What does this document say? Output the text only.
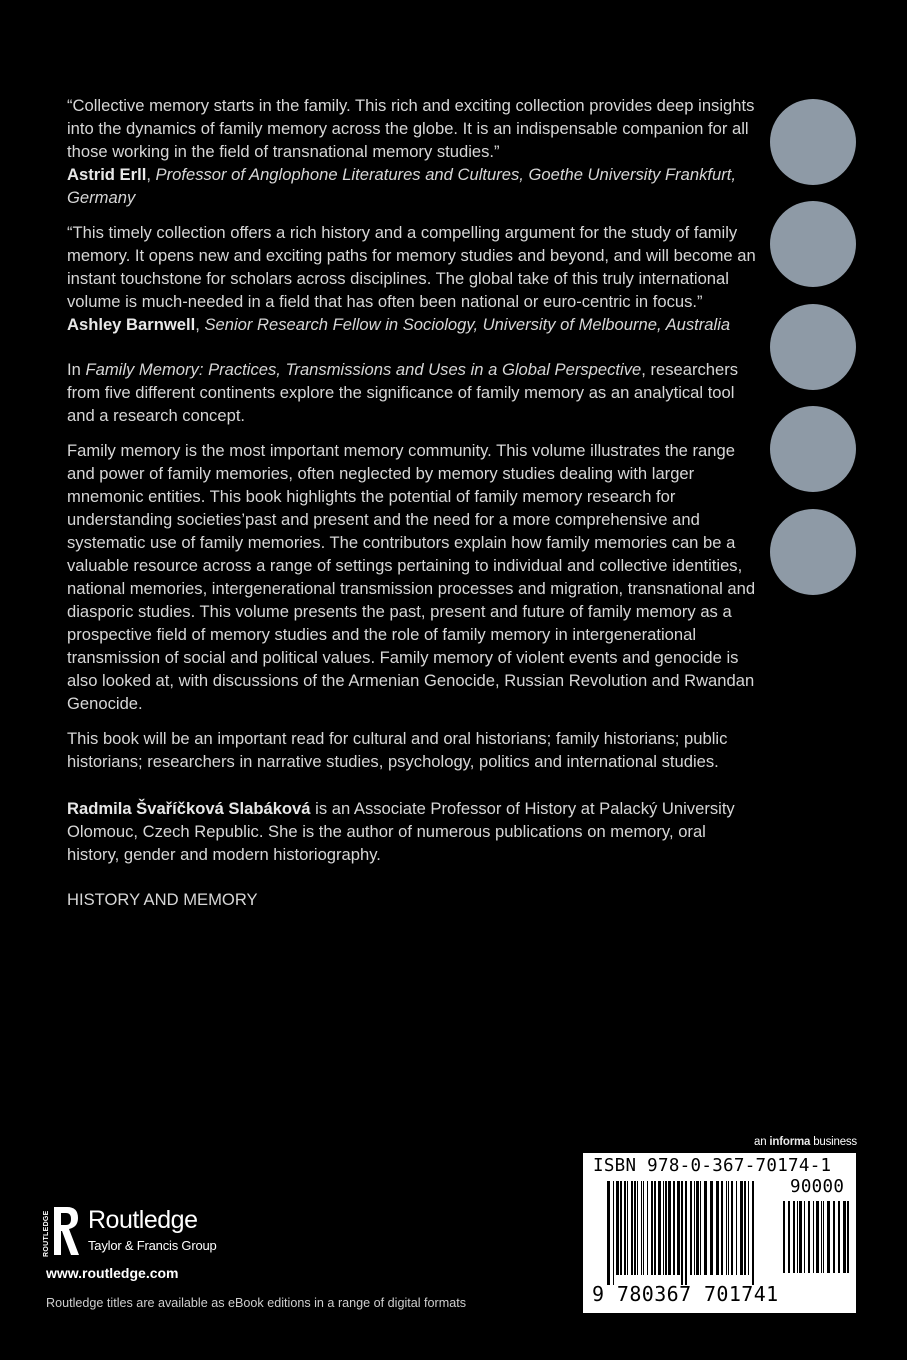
“Collective memory starts in the family. This rich and exciting collection provides deep insights into the dynamics of family memory across the globe. It is an indispensable companion for all those working in the field of transnational memory studies.”

Astrid Erll, Professor of Anglophone Literatures and Cultures, Goethe University Frankfurt, Germany

“This timely collection offers a rich history and a compelling argument for the study of family memory. It opens new and exciting paths for memory studies and beyond, and will become an instant touchstone for scholars across disciplines. The global take of this truly international volume is much-needed in a field that has often been national or euro-centric in focus.”

Ashley Barnwell, Senior Research Fellow in Sociology, University of Melbourne, Australia

In Family Memory: Practices, Transmissions and Uses in a Global Perspective, researchers from five different continents explore the significance of family memory as an analytical tool and a research concept.

Family memory is the most important memory community. This volume illustrates the range and power of family memories, often neglected by memory studies dealing with larger mnemonic entities. This book highlights the potential of family memory research for understanding societies’past and present and the need for a more comprehensive and systematic use of family memories. The contributors explain how family memories can be a valuable resource across a range of settings pertaining to individual and collective identities, national memories, intergenerational transmission processes and migration, transnational and diasporic studies. This volume presents the past, present and future of family memory as a prospective field of memory studies and the role of family memory in intergenerational transmission of social and political values. Family memory of violent events and genocide is also looked at, with discussions of the Armenian Genocide, Russian Revolution and Rwandan Genocide.

This book will be an important read for cultural and oral historians; family historians; public historians; researchers in narrative studies, psychology, politics and international studies.

Radmila Švaříčková Slabáková is an Associate Professor of History at Palacký University Olomouc, Czech Republic. She is the author of numerous publications on memory, oral history, gender and modern historiography.

HISTORY AND MEMORY

ROUTLEDGE Routledge
Taylor & Francis Group
www.routledge.com
Routledge titles are available as eBook editions in a range of digital formats
an informa business
ISBN 978-0-367-70174-1
90000
9 780367 701741
